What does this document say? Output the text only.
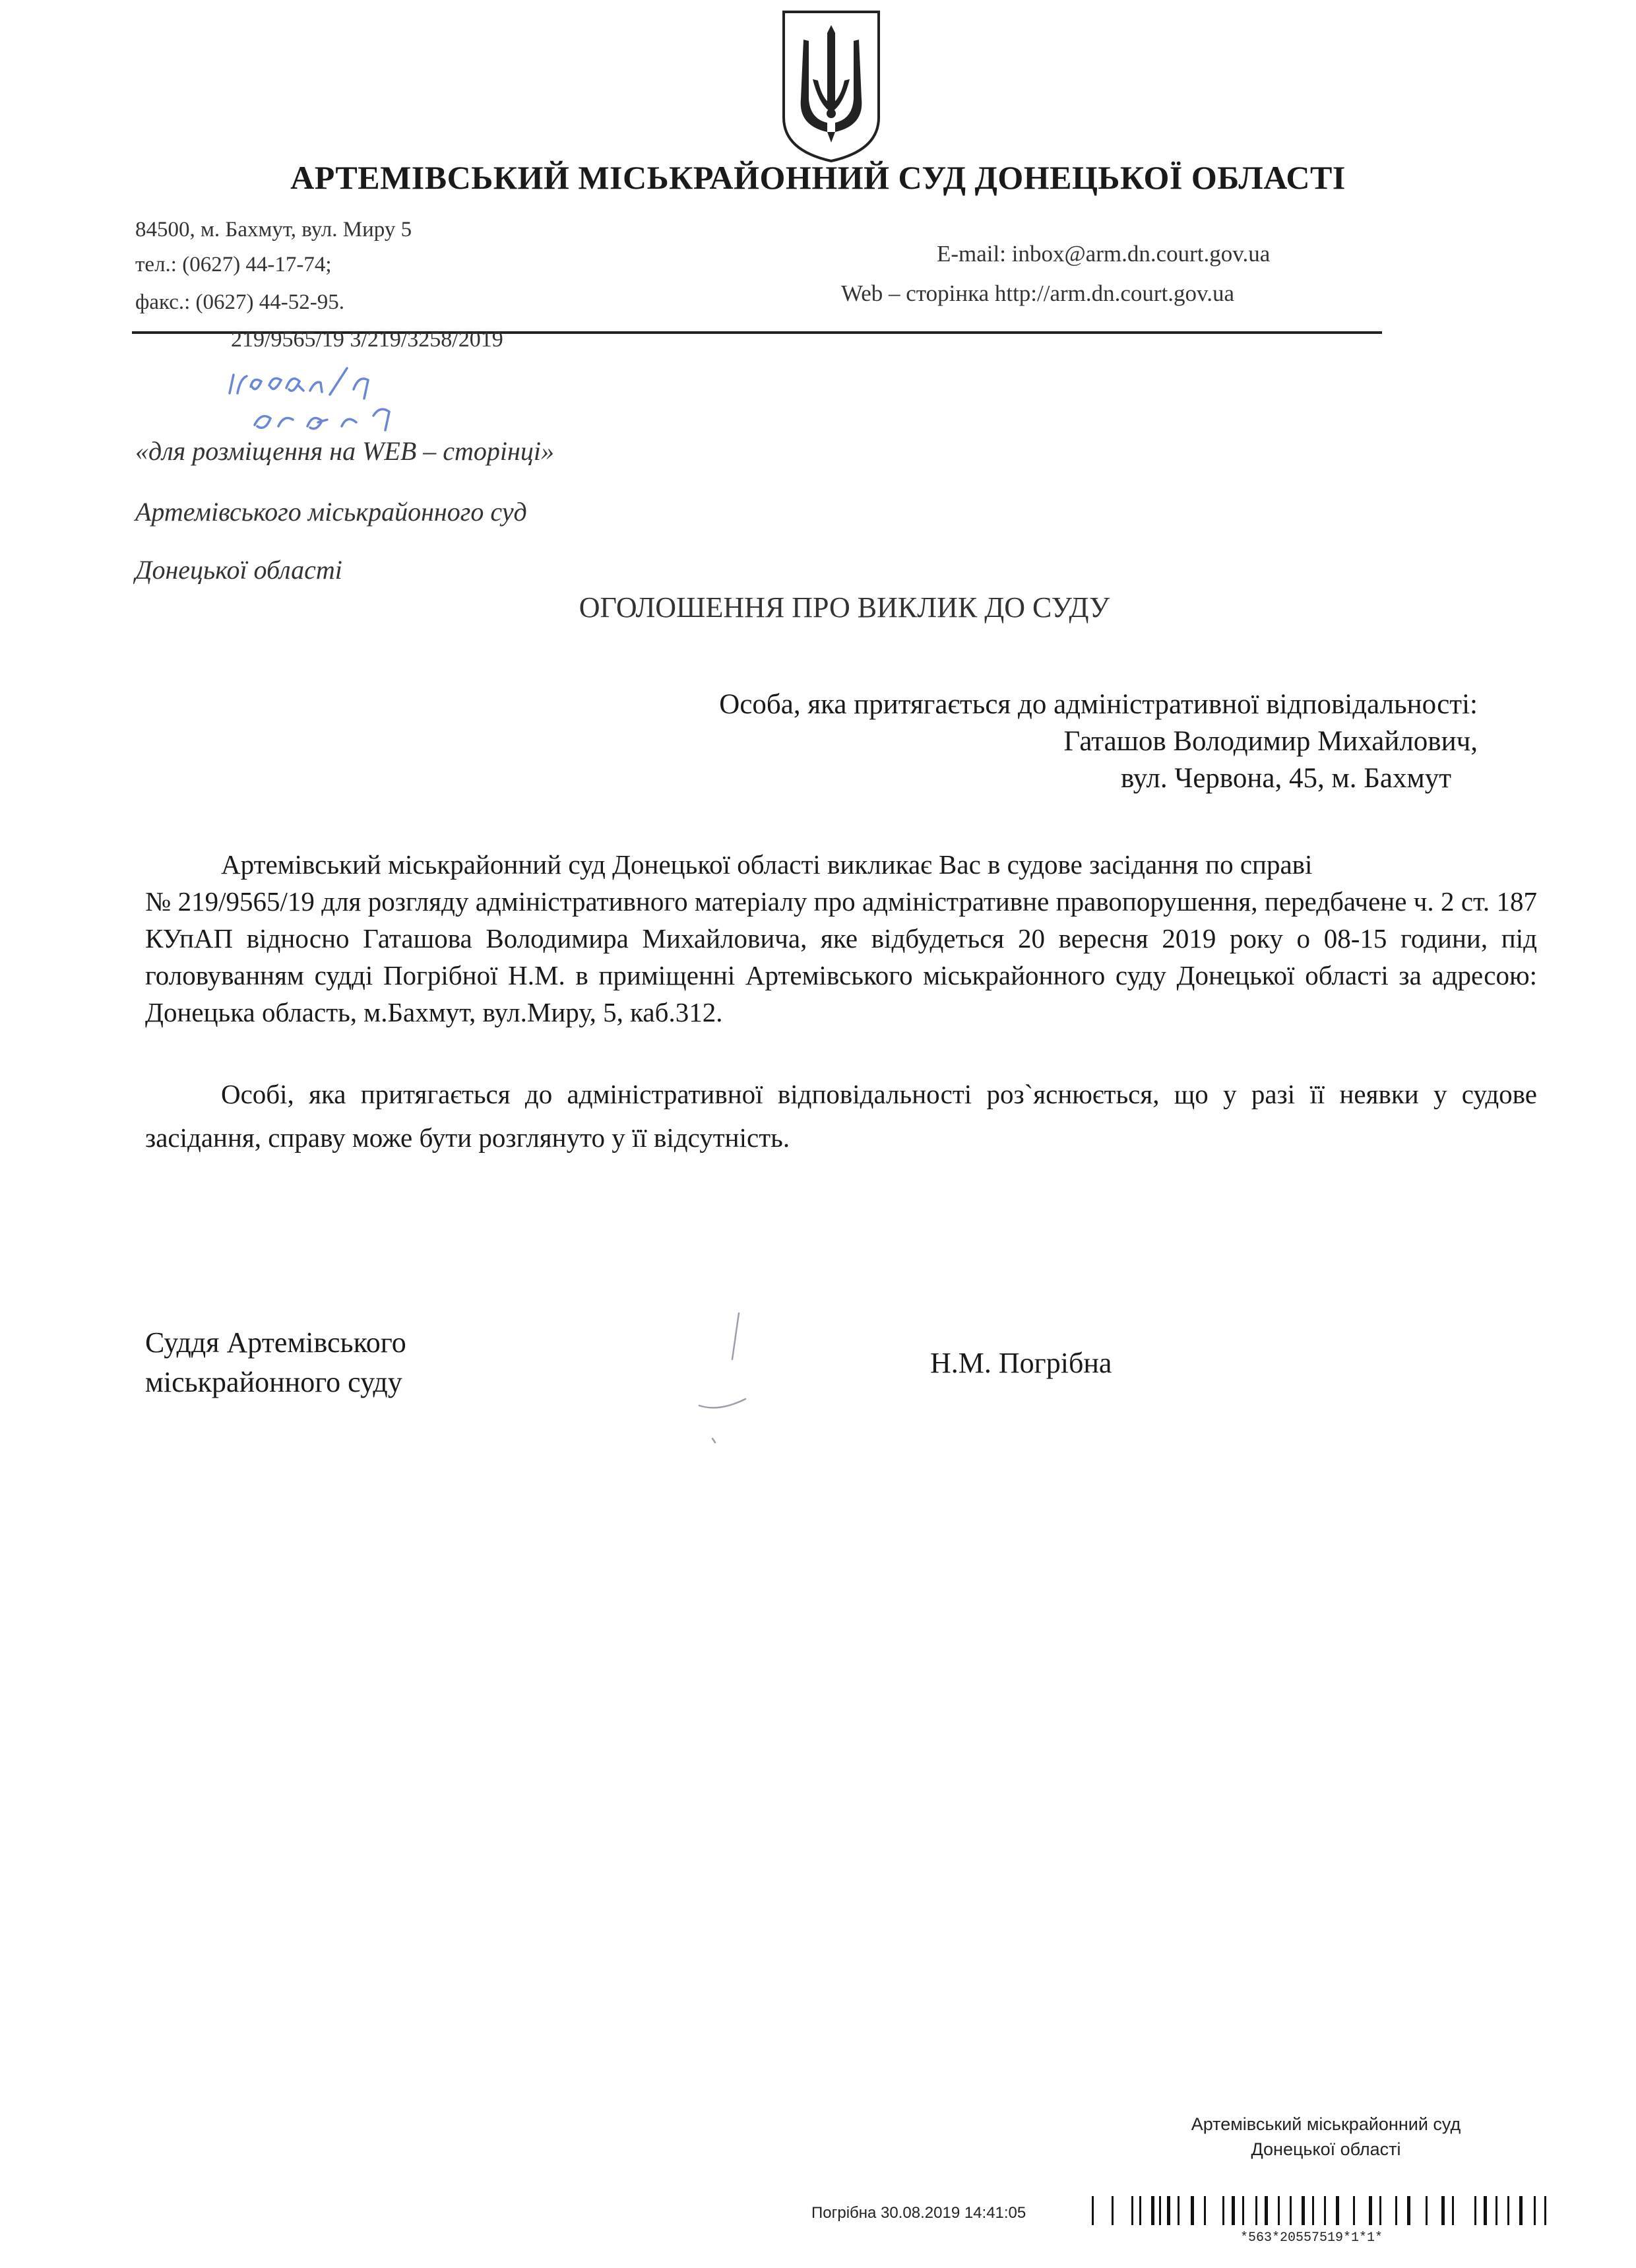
АРТЕМІВСЬКИЙ МІСЬКРАЙОННИЙ СУД ДОНЕЦЬКОЇ ОБЛАСТІ
84500, м. Бахмут, вул. Миру 5
тел.: (0627) 44-17-74;
факс.: (0627) 44-52-95.
E-mail: inbox@arm.dn.court.gov.ua
Web – сторінка http://arm.dn.court.gov.ua
219/9565/19 3/219/3258/2019
«для розміщення на WEB – сторінці»
Артемівського міськрайонного суд
Донецької області
ОГОЛОШЕННЯ ПРО ВИКЛИК ДО СУДУ
Особа, яка притягається до адміністративної відповідальності:
Гаташов Володимир Михайлович,
вул. Червона, 45, м. Бахмут
Артемівський міськрайонний суд Донецької області викликає Вас в судове засідання по справі
№ 219/9565/19 для розгляду адміністративного матеріалу про адміністративне правопорушення, передбачене ч. 2 ст. 187 КУпАП відносно Гаташова Володимира Михайловича, яке відбудеться 20 вересня 2019 року о 08-15 години, під головуванням судді Погрібної Н.М. в приміщенні Артемівського міськрайонного суду Донецької області за адресою: Донецька область, м.Бахмут, вул.Миру, 5, каб.312.
Особі, яка притягається до адміністративної відповідальності роз`яснюється, що у разі її неявки у судове засідання, справу може бути розглянуто у її відсутність.
Суддя Артемівського
міськрайонного суду
Н.М. Погрібна
Артемівський міськрайонний суд
Донецької області
Погрібна 30.08.2019 14:41:05
*563*20557519*1*1*
